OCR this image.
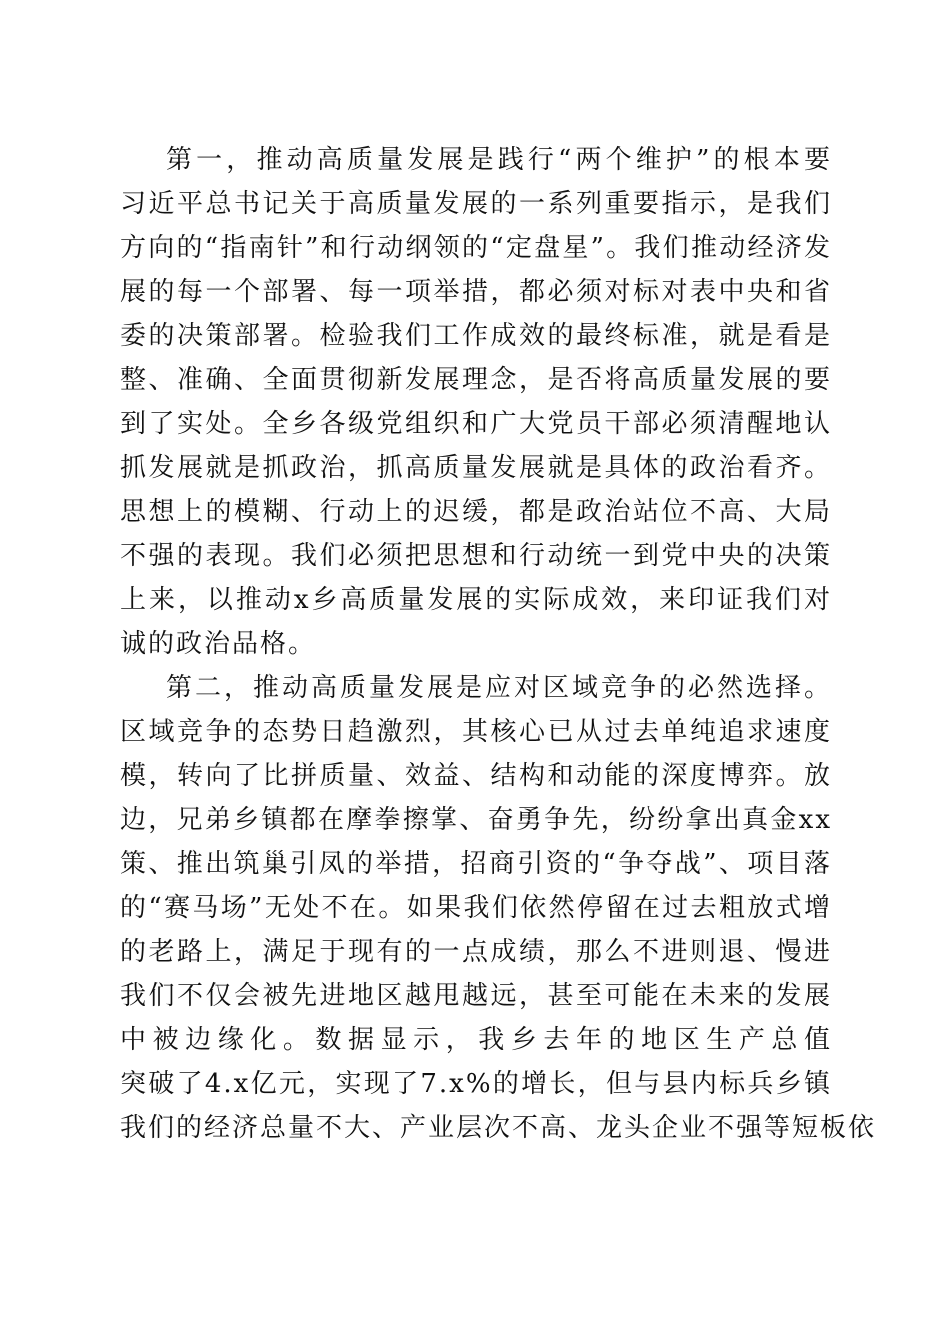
第一，推动高质量发展是践行“两个维护”的根本要
习近平总书记关于高质量发展的一系列重要指示，是我们
方向的“指南针”和行动纲领的“定盘星”。我们推动经济发
展的每一个部署、每一项举措，都必须对标对表中央和省
委的决策部署。检验我们工作成效的最终标准，就是看是
整、准确、全面贯彻新发展理念，是否将高质量发展的要
到了实处。全乡各级党组织和广大党员干部必须清醒地认
抓发展就是抓政治，抓高质量发展就是具体的政治看齐。
思想上的模糊、行动上的迟缓，都是政治站位不高、大局
不强的表现。我们必须把思想和行动统一到党中央的决策
上来，以推动x乡高质量发展的实际成效，来印证我们对
诚的政治品格。
第二，推动高质量发展是应对区域竞争的必然选择。
区域竞争的态势日趋激烈，其核心已从过去单纯追求速度
模，转向了比拼质量、效益、结构和动能的深度博弈。放
边，兄弟乡镇都在摩拳擦掌、奋勇争先，纷纷拿出真金xx
策、推出筑巢引凤的举措，招商引资的“争夺战”、项目落
的“赛马场”无处不在。如果我们依然停留在过去粗放式增
的老路上，满足于现有的一点成绩，那么不进则退、慢进
我们不仅会被先进地区越甩越远，甚至可能在未来的发展
中被边缘化。数据显示，我乡去年的地区生产总值
突破了4.x亿元，实现了7.x%的增长，但与县内标兵乡镇
我们的经济总量不大、产业层次不高、龙头企业不强等短板依
